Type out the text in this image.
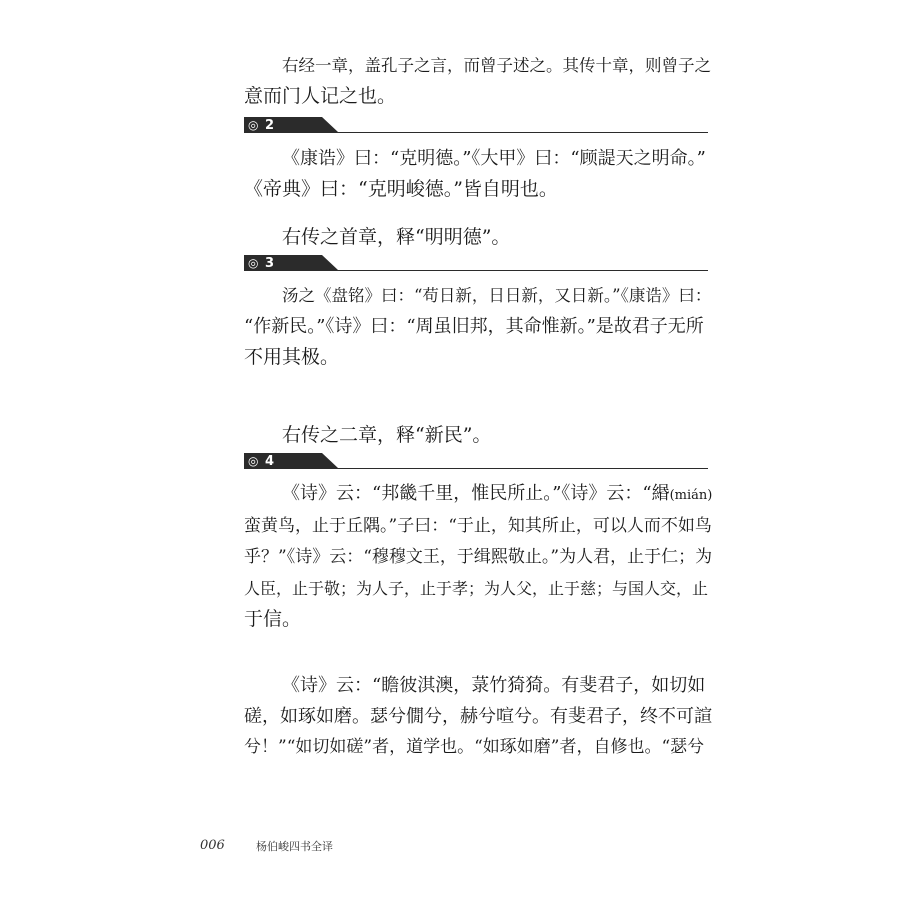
右经一章，盖孔子之言，而曾子述之。其传十章，则曾子之
意而门人记之也。
◎ 2
《康诰》曰：“克明德。”《大甲》曰：“顾諟天之明命。”
《帝典》曰：“克明峻德。”皆自明也。
右传之首章，释“明明德”。
◎ 3
汤之《盘铭》曰：“苟日新，日日新，又日新。”《康诰》曰：
“作新民。”《诗》曰：“周虽旧邦，其命惟新。”是故君子无所
不用其极。
右传之二章，释“新民”。
◎ 4
《诗》云：“邦畿千里，惟民所止。”《诗》云：“緡(mián)
蛮黄鸟，止于丘隅。”子曰：“于止，知其所止，可以人而不如鸟
乎？”《诗》云：“穆穆文王，于缉熙敬止。”为人君，止于仁；为
人臣，止于敬；为人子，止于孝；为人父，止于慈；与国人交，止
于信。
《诗》云：“瞻彼淇澳，菉竹猗猗。有斐君子，如切如
磋，如琢如磨。瑟兮僩兮，赫兮喧兮。有斐君子，终不可諠
兮！”“如切如磋”者，道学也。“如琢如磨”者，自修也。“瑟兮
006	杨伯峻四书全译
